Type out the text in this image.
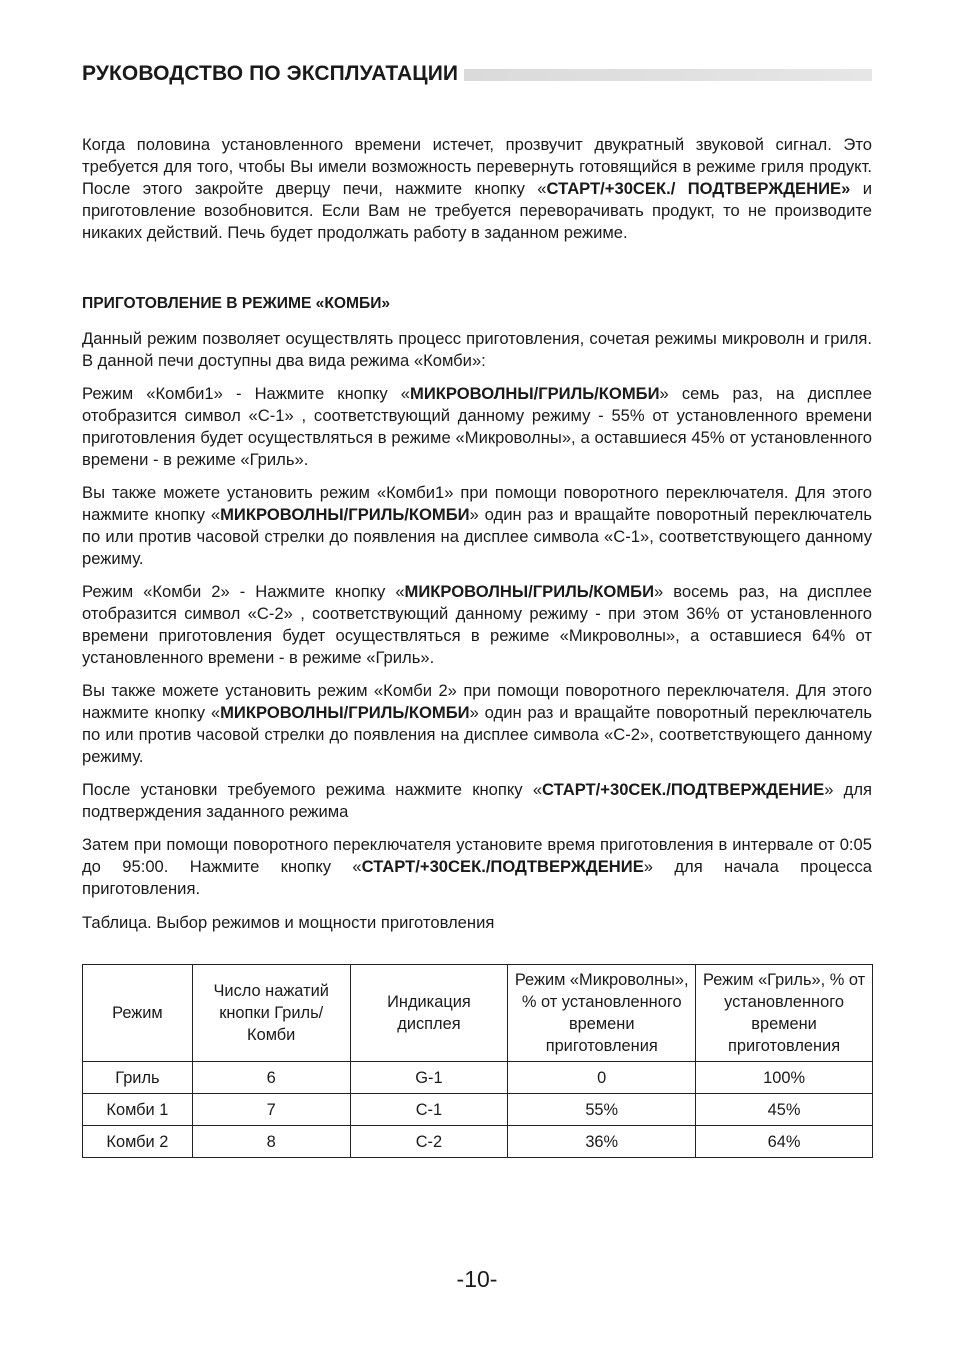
РУКОВОДСТВО ПО ЭКСПЛУАТАЦИИ

Когда половина установленного времени истечет, прозвучит двукратный звуковой сигнал. Это требуется для того, чтобы Вы имели возможность перевернуть готовящийся в режиме гриля продукт. После этого закройте дверцу печи, нажмите кнопку «СТАРТ/+30СЕК./ ПОДТВЕРЖДЕНИЕ» и приготовление возобновится. Если Вам не требуется переворачивать продукт, то не производите никаких действий. Печь будет продолжать работу в заданном режиме.

ПРИГОТОВЛЕНИЕ В РЕЖИМЕ «КОМБИ»

Данный режим позволяет осуществлять процесс приготовления, сочетая режимы микроволн и гриля. В данной печи доступны два вида режима «Комби»:

Режим «Комби1» - Нажмите кнопку «МИКРОВОЛНЫ/ГРИЛЬ/КОМБИ» семь раз, на дисплее отобразится символ «С-1» , соответствующий данному режиму - 55% от установленного времени приготовления будет осуществляться в режиме «Микроволны», а оставшиеся 45% от установленного времени - в режиме «Гриль».

Вы также можете установить режим «Комби1» при помощи поворотного переключателя. Для этого нажмите кнопку «МИКРОВОЛНЫ/ГРИЛЬ/КОМБИ» один раз и вращайте поворотный переключатель по или против часовой стрелки до появления на дисплее символа «С-1», соответствующего данному режиму.

Режим «Комби 2» - Нажмите кнопку «МИКРОВОЛНЫ/ГРИЛЬ/КОМБИ» восемь раз, на дисплее отобразится символ «С-2» , соответствующий данному режиму - при этом 36% от установленного времени приготовления будет осуществляться в режиме «Микроволны», а оставшиеся 64% от установленного времени - в режиме «Гриль».

Вы также можете установить режим «Комби 2» при помощи поворотного переключателя. Для этого нажмите кнопку «МИКРОВОЛНЫ/ГРИЛЬ/КОМБИ» один раз и вращайте поворотный переключатель по или против часовой стрелки до появления на дисплее символа «С-2», соответствующего данному режиму.

После установки требуемого режима нажмите кнопку «СТАРТ/+30СЕК./ПОДТВЕРЖДЕНИЕ» для подтверждения заданного режима

Затем при помощи поворотного переключателя установите время приготовления в интервале от 0:05 до 95:00. Нажмите кнопку «СТАРТ/+30СЕК./ПОДТВЕРЖДЕНИЕ» для начала процесса приготовления.

Таблица. Выбор режимов и мощности приготовления

Режим	Число нажатий кнопки Гриль/ Комби	Индикация дисплея	Режим «Микроволны», % от установленного времени приготовления	Режим «Гриль», % от установленного времени приготовления
Гриль	6	G-1	0	100%
Комби 1	7	С-1	55%	45%
Комби 2	8	С-2	36%	64%
-10-
